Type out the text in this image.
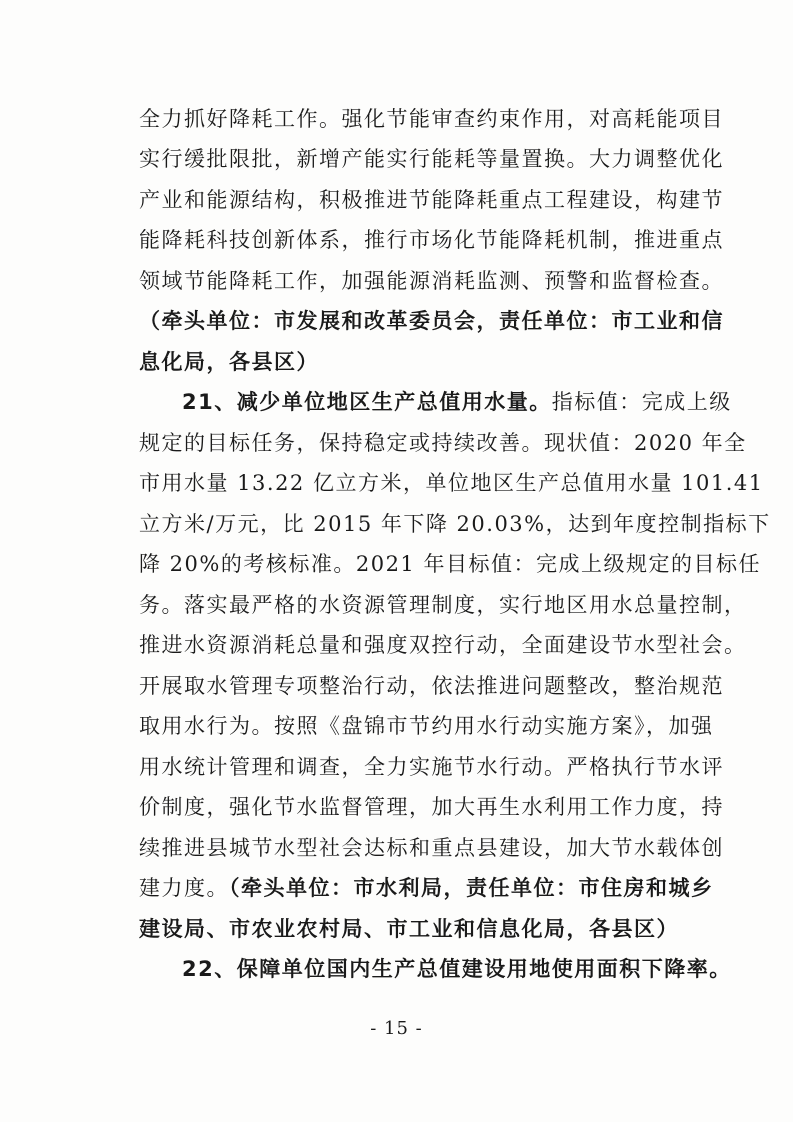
全力抓好降耗工作。强化节能审查约束作用，对高耗能项目
实行缓批限批，新增产能实行能耗等量置换。大力调整优化
产业和能源结构，积极推进节能降耗重点工程建设，构建节
能降耗科技创新体系，推行市场化节能降耗机制，推进重点
领域节能降耗工作，加强能源消耗监测、预警和监督检查。
（牵头单位：市发展和改革委员会，责任单位：市工业和信
息化局，各县区）
21、减少单位地区生产总值用水量。指标值：完成上级
规定的目标任务，保持稳定或持续改善。现状值：2020 年全
市用水量 13.22 亿立方米，单位地区生产总值用水量 101.41
立方米/万元，比 2015 年下降 20.03%，达到年度控制指标下
降 20%的考核标准。2021 年目标值：完成上级规定的目标任
务。落实最严格的水资源管理制度，实行地区用水总量控制，
推进水资源消耗总量和强度双控行动，全面建设节水型社会。
开展取水管理专项整治行动，依法推进问题整改，整治规范
取用水行为。按照《盘锦市节约用水行动实施方案》，加强
用水统计管理和调查，全力实施节水行动。严格执行节水评
价制度，强化节水监督管理，加大再生水利用工作力度，持
续推进县城节水型社会达标和重点县建设，加大节水载体创
建力度。（牵头单位：市水利局，责任单位：市住房和城乡
建设局、市农业农村局、市工业和信息化局，各县区）
22、保障单位国内生产总值建设用地使用面积下降率。
- 15 -
